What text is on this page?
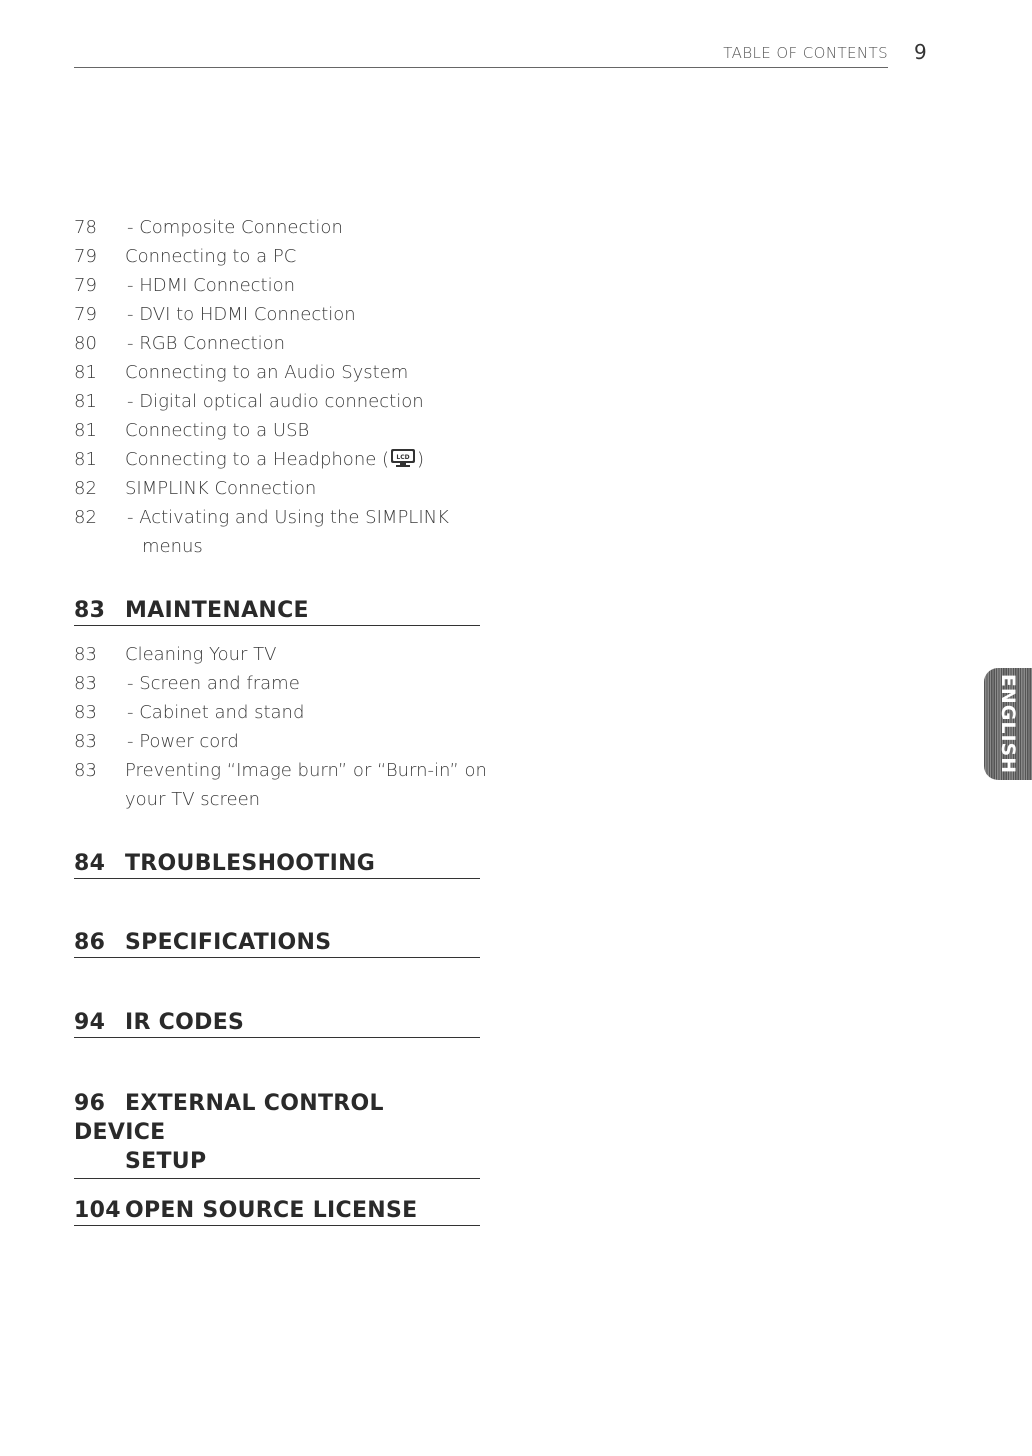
TABLE OF CONTENTS 9
78	- Composite Connection
79	Connecting to a PC
79	- HDMI Connection
79	- DVI to HDMI Connection
80	- RGB Connection
81	Connecting to an Audio System
81	- Digital optical audio connection
81	Connecting to a USB
81	Connecting to a Headphone ( LCD )
82	SIMPLINK Connection
82	- Activating and Using the SIMPLINK
menus
83 MAINTENANCE
83	Cleaning Your TV
83	- Screen and frame
83	- Cabinet and stand
83	- Power cord
83	Preventing “Image burn” or “Burn-in” on
your TV screen
84 TROUBLESHOOTING
86 SPECIFICATIONS
94 IR CODES
96 EXTERNAL CONTROL DEVICE
SETUP
104 OPEN SOURCE LICENSE
ENGLISH
